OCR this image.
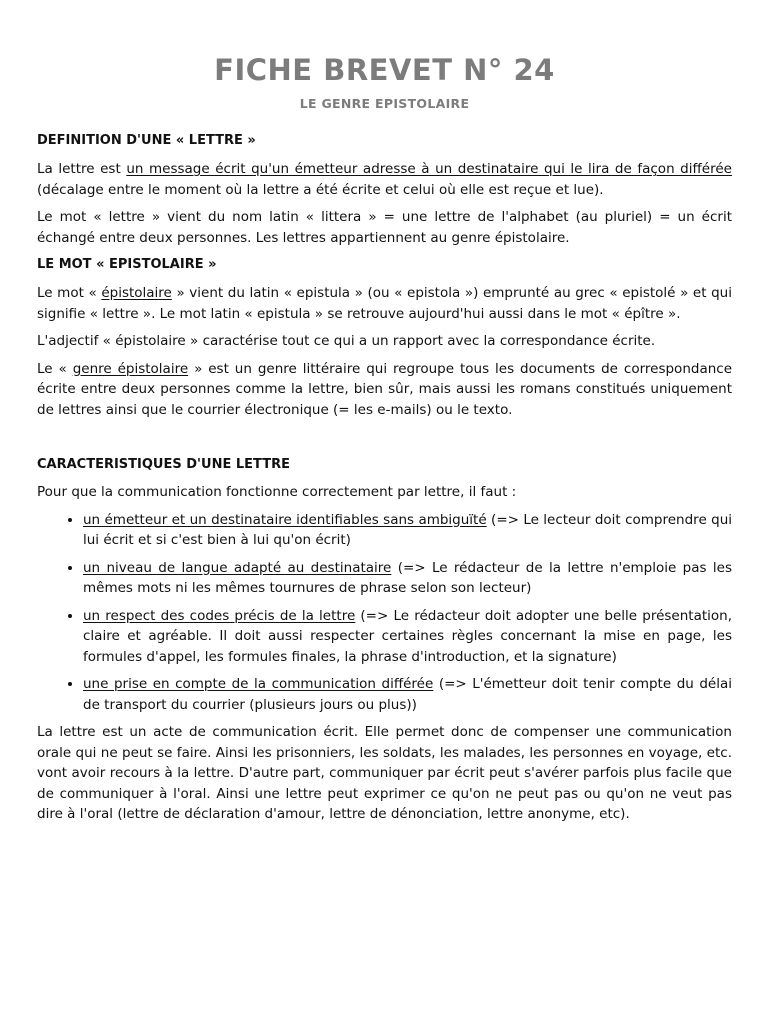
FICHE BREVET N° 24
LE GENRE EPISTOLAIRE
DEFINITION D'UNE « LETTRE »

La lettre est un message écrit qu'un émetteur adresse à un destinataire qui le lira de façon différée (décalage entre le moment où la lettre a été écrite et celui où elle est reçue et lue).

Le mot « lettre » vient du nom latin « littera » = une lettre de l'alphabet (au pluriel) = un écrit échangé entre deux personnes. Les lettres appartiennent au genre épistolaire.

LE MOT « EPISTOLAIRE »

Le mot « épistolaire » vient du latin « epistula » (ou « epistola ») emprunté au grec « epistolé » et qui signifie « lettre ». Le mot latin « epistula » se retrouve aujourd'hui aussi dans le mot « épître ».

L'adjectif « épistolaire » caractérise tout ce qui a un rapport avec la correspondance écrite.

Le « genre épistolaire » est un genre littéraire qui regroupe tous les documents de correspondance écrite entre deux personnes comme la lettre, bien sûr, mais aussi les romans constitués uniquement de lettres ainsi que le courrier électronique (= les e-mails) ou le texto.

CARACTERISTIQUES D'UNE LETTRE

Pour que la communication fonctionne correctement par lettre, il faut :

• un émetteur et un destinataire identifiables sans ambiguïté (=> Le lecteur doit comprendre qui lui écrit et si c'est bien à lui qu'on écrit)
• un niveau de langue adapté au destinataire (=> Le rédacteur de la lettre n'emploie pas les mêmes mots ni les mêmes tournures de phrase selon son lecteur)
• un respect des codes précis de la lettre (=> Le rédacteur doit adopter une belle présentation, claire et agréable. Il doit aussi respecter certaines règles concernant la mise en page, les formules d'appel, les formules finales, la phrase d'introduction, et la signature)
• une prise en compte de la communication différée (=> L'émetteur doit tenir compte du délai de transport du courrier (plusieurs jours ou plus))

La lettre est un acte de communication écrit. Elle permet donc de compenser une communication orale qui ne peut se faire. Ainsi les prisonniers, les soldats, les malades, les personnes en voyage, etc. vont avoir recours à la lettre. D'autre part, communiquer par écrit peut s'avérer parfois plus facile que de communiquer à l'oral. Ainsi une lettre peut exprimer ce qu'on ne peut pas ou qu'on ne veut pas dire à l'oral (lettre de déclaration d'amour, lettre de dénonciation, lettre anonyme, etc).
